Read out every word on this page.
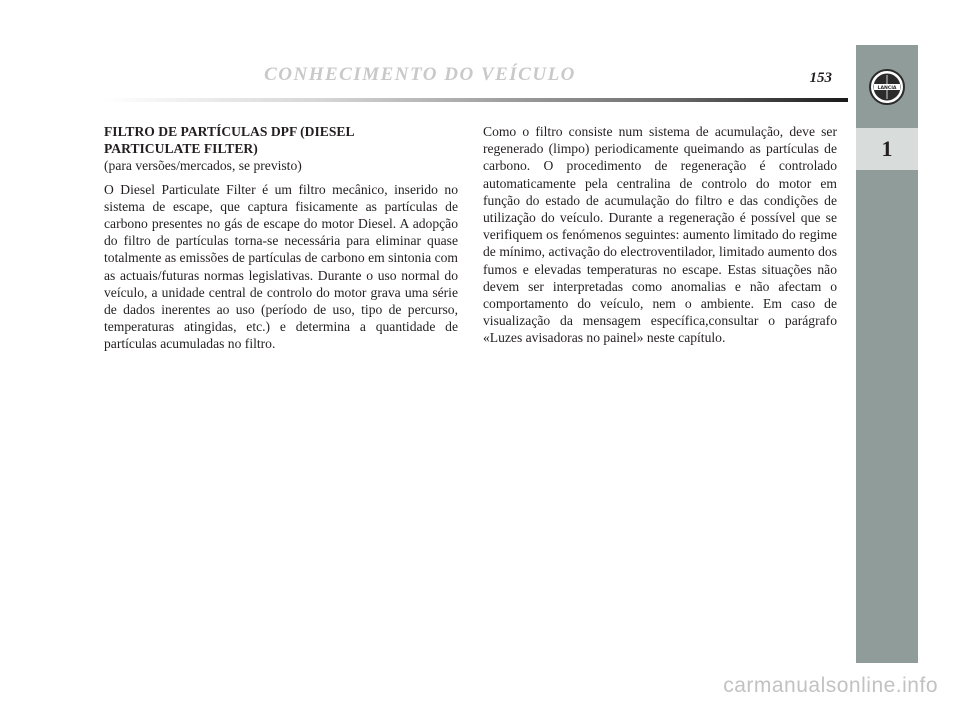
CONHECIMENTO DO VEÍCULO	153
LANCIA
1
FILTRO DE PARTÍCULAS DPF (DIESEL
PARTICULATE FILTER)
(para versões/mercados, se previsto)

O Diesel Particulate Filter é um filtro mecânico, inserido no sistema de escape, que captura fisicamente as partículas de carbono presentes no gás de escape do motor Diesel. A adopção do filtro de partículas torna-se necessária para eliminar quase totalmente as emissões de partículas de carbono em sintonia com as actuais/futuras normas legislativas. Durante o uso normal do veículo, a unidade central de controlo do motor grava uma série de dados inerentes ao uso (período de uso, tipo de percurso, temperaturas atingidas, etc.) e determina a quantidade de partículas acumuladas no filtro.

Como o filtro consiste num sistema de acumulação, deve ser regenerado (limpo) periodicamente queimando as partículas de carbono. O procedimento de regeneração é controlado automaticamente pela centralina de controlo do motor em função do estado de acumulação do filtro e das condições de utilização do veículo. Durante a regeneração é possível que se verifiquem os fenómenos seguintes: aumento limitado do regime de mínimo, activação do electroventilador, limitado aumento dos fumos e elevadas temperaturas no escape. Estas situações não devem ser interpretadas como anomalias e não afectam o comportamento do veículo, nem o ambiente. Em caso de visualização da mensagem específica,consultar o parágrafo «Luzes avisadoras no painel» neste capítulo.

carmanualsonline.info
